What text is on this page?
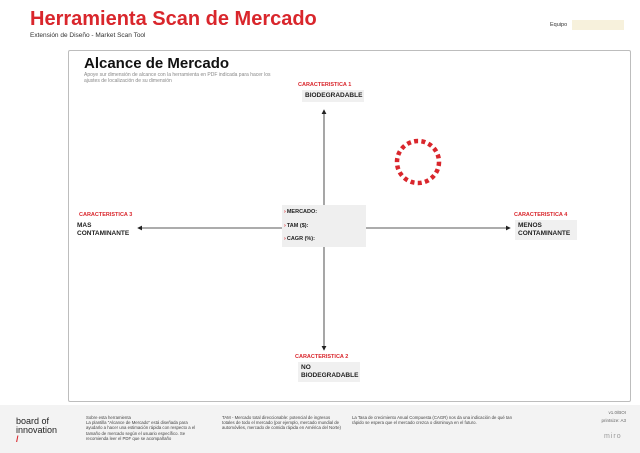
Herramienta Scan de Mercado
Extensión de Diseño - Market Scan Tool
Equipo
Alcance de Mercado
Apoye sur dimensión de alcance con la herramienta en PDF indicada para hacer los ajustes de localización de su dimensión
CARACTERISTICA 1
BIODEGRADABLE
CARACTERISTICA 2
NO BIODEGRADABLE
CARACTERISTICA 3
MAS CONTAMINANTE
CARACTERISTICA 4
MENOS CONTAMINANTE
›MERCADO:
›TAM ($):
›CAGR (%):
board of
innovation
/
Sobre esta herramienta
La plantilla "Alcance de Mercado" está diseñada para ayudarlo a hacer una estimación rápida con respecto a el tamaño de mercado según el usuario específico. Se recomienda leer el PDF que se acompañaño
TAM - Mercado total direccionable: potencial de ingresos totales de todo el mercado (por ejemplo, mercado mundial de automóviles, mercado de comida rápida en América del Norte)
La Tasa de crecimiento Anual Compuesta (CAGR) nos da una indicación de qué tan rápido se espera que el mercado crezca o disminuya en el futuro.
v1.0/BOI
printsize: A3
miro
